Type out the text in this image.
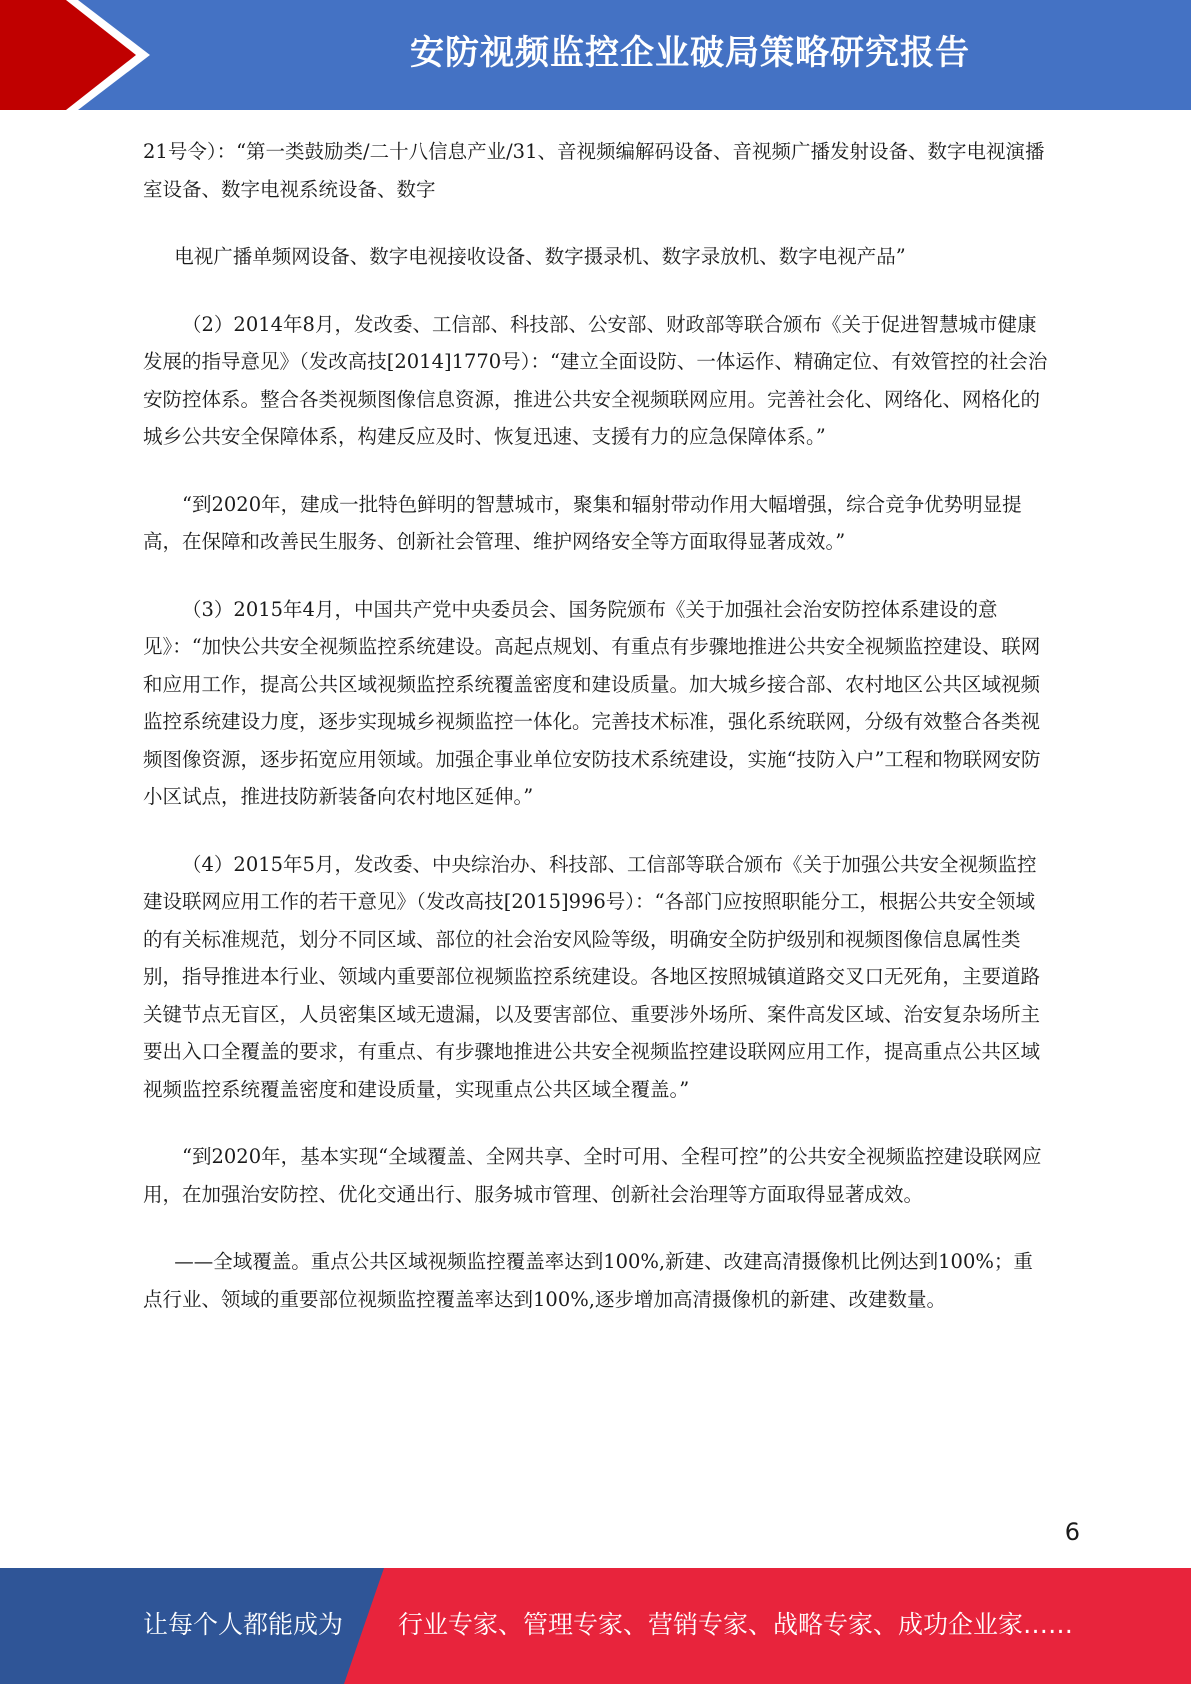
安防视频监控企业破局策略研究报告

21号令）：“第一类鼓励类/二十八信息产业/31、音视频编解码设备、音视频广播发射设备、数字电视演播室设备、数字电视系统设备、数字

电视广播单频网设备、数字电视接收设备、数字摄录机、数字录放机、数字电视产品”

（2）2014年8月，发改委、工信部、科技部、公安部、财政部等联合颁布《关于促进智慧城市健康发展的指导意见》（发改高技[2014]1770号）：“建立全面设防、一体运作、精确定位、有效管控的社会治安防控体系。整合各类视频图像信息资源，推进公共安全视频联网应用。完善社会化、网络化、网格化的城乡公共安全保障体系，构建反应及时、恢复迅速、支援有力的应急保障体系。”

“到2020年，建成一批特色鲜明的智慧城市，聚集和辐射带动作用大幅增强，综合竞争优势明显提高，在保障和改善民生服务、创新社会管理、维护网络安全等方面取得显著成效。”

（3）2015年4月，中国共产党中央委员会、国务院颁布《关于加强社会治安防控体系建设的意见》：“加快公共安全视频监控系统建设。高起点规划、有重点有步骤地推进公共安全视频监控建设、联网和应用工作，提高公共区域视频监控系统覆盖密度和建设质量。加大城乡接合部、农村地区公共区域视频监控系统建设力度，逐步实现城乡视频监控一体化。完善技术标准，强化系统联网，分级有效整合各类视频图像资源，逐步拓宽应用领域。加强企事业单位安防技术系统建设，实施“技防入户”工程和物联网安防小区试点，推进技防新装备向农村地区延伸。”

（4）2015年5月，发改委、中央综治办、科技部、工信部等联合颁布《关于加强公共安全视频监控建设联网应用工作的若干意见》（发改高技[2015]996号）：“各部门应按照职能分工，根据公共安全领域的有关标准规范，划分不同区域、部位的社会治安风险等级，明确安全防护级别和视频图像信息属性类别，指导推进本行业、领域内重要部位视频监控系统建设。各地区按照城镇道路交叉口无死角，主要道路关键节点无盲区，人员密集区域无遗漏，以及要害部位、重要涉外场所、案件高发区域、治安复杂场所主要出入口全覆盖的要求，有重点、有步骤地推进公共安全视频监控建设联网应用工作，提高重点公共区域视频监控系统覆盖密度和建设质量，实现重点公共区域全覆盖。”

“到2020年，基本实现“全域覆盖、全网共享、全时可用、全程可控”的公共安全视频监控建设联网应用，在加强治安防控、优化交通出行、服务城市管理、创新社会治理等方面取得显著成效。

——全域覆盖。重点公共区域视频监控覆盖率达到100%,新建、改建高清摄像机比例达到100%；重点行业、领域的重要部位视频监控覆盖率达到100%,逐步增加高清摄像机的新建、改建数量。

6
让每个人都能成为 行业专家、管理专家、营销专家、战略专家、成功企业家……
